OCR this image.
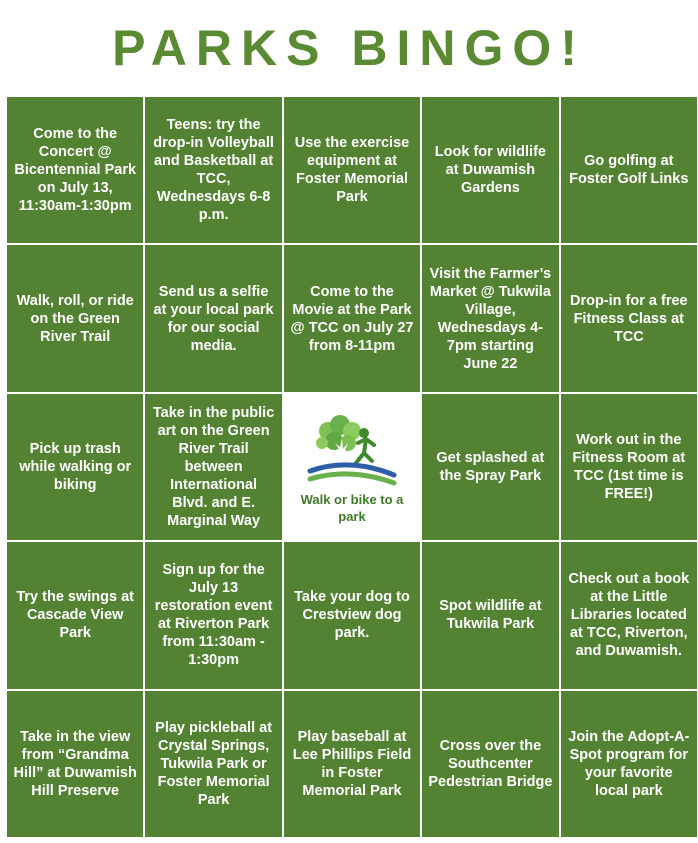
PARKS BINGO!
Come to the Concert @ Bicentennial Park on July 13, 11:30am-1:30pm
Teens: try the drop-in Volleyball and Basketball at TCC, Wednesdays 6-8 p.m.
Use the exercise equipment at Foster Memorial Park
Look for wildlife at Duwamish Gardens
Go golfing at Foster Golf Links
Walk, roll, or ride on the Green River Trail
Send us a selfie at your local park for our social media.
Come to the Movie at the Park @ TCC on July 27 from 8-11pm
Visit the Farmer’s Market @ Tukwila Village, Wednesdays 4-7pm starting June 22
Drop-in for a free Fitness Class at TCC
Pick up trash while walking or biking
Take in the public art on the Green River Trail between International Blvd. and E. Marginal Way
Walk or bike to a park
Get splashed at the Spray Park
Work out in the Fitness Room at TCC (1st time is FREE!)
Try the swings at Cascade View Park
Sign up for the July 13 restoration event at Riverton Park from 11:30am - 1:30pm
Take your dog to Crestview dog park.
Spot wildlife at Tukwila Park
Check out a book at the Little Libraries located at TCC, Riverton, and Duwamish.
Take in the view from “Grandma Hill” at Duwamish Hill Preserve
Play pickleball at Crystal Springs, Tukwila Park or Foster Memorial Park
Play baseball at Lee Phillips Field in Foster Memorial Park
Cross over the Southcenter Pedestrian Bridge
Join the Adopt-A-Spot program for your favorite local park
